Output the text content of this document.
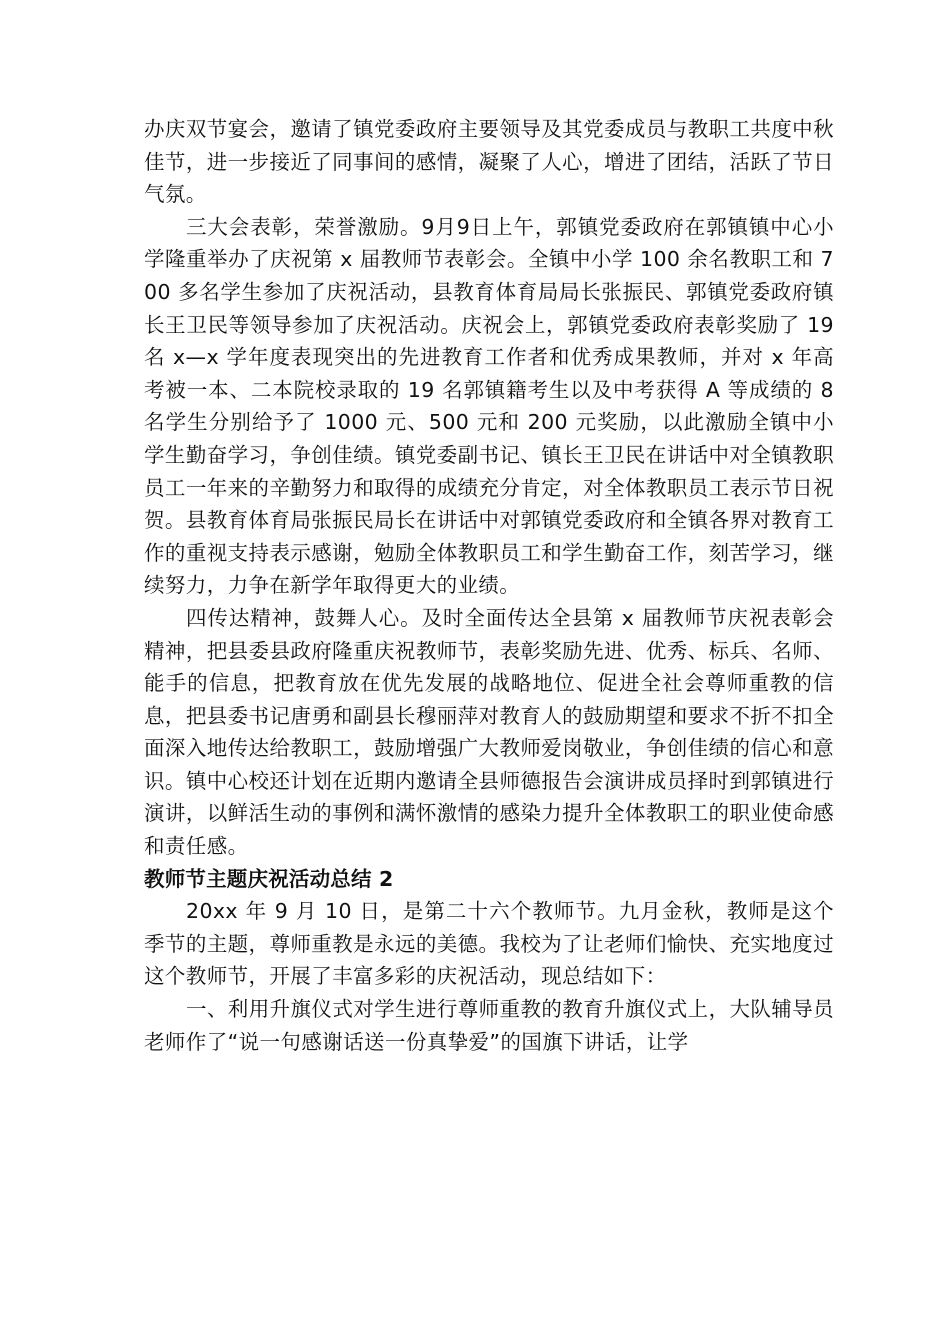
办庆双节宴会，邀请了镇党委政府主要领导及其党委成员与教职工共度中秋佳节，进一步接近了同事间的感情，凝聚了人心，增进了团结，活跃了节日气氛。

三大会表彰，荣誉激励。9月9日上午，郭镇党委政府在郭镇镇中心小学隆重举办了庆祝第 x 届教师节表彰会。全镇中小学 100 余名教职工和 700 多名学生参加了庆祝活动，县教育体育局局长张振民、郭镇党委政府镇长王卫民等领导参加了庆祝活动。庆祝会上，郭镇党委政府表彰奖励了 19 名 x—x 学年度表现突出的先进教育工作者和优秀成果教师，并对 x 年高考被一本、二本院校录取的 19 名郭镇籍考生以及中考获得 A 等成绩的 8 名学生分别给予了 1000 元、500 元和 200 元奖励，以此激励全镇中小学生勤奋学习，争创佳绩。镇党委副书记、镇长王卫民在讲话中对全镇教职员工一年来的辛勤努力和取得的成绩充分肯定，对全体教职员工表示节日祝贺。县教育体育局张振民局长在讲话中对郭镇党委政府和全镇各界对教育工作的重视支持表示感谢，勉励全体教职员工和学生勤奋工作，刻苦学习，继续努力，力争在新学年取得更大的业绩。

四传达精神，鼓舞人心。及时全面传达全县第 x 届教师节庆祝表彰会精神，把县委县政府隆重庆祝教师节，表彰奖励先进、优秀、标兵、名师、能手的信息，把教育放在优先发展的战略地位、促进全社会尊师重教的信息，把县委书记唐勇和副县长穆丽萍对教育人的鼓励期望和要求不折不扣全面深入地传达给教职工，鼓励增强广大教师爱岗敬业，争创佳绩的信心和意识。镇中心校还计划在近期内邀请全县师德报告会演讲成员择时到郭镇进行演讲，以鲜活生动的事例和满怀激情的感染力提升全体教职工的职业使命感和责任感。

教师节主题庆祝活动总结 2

20xx 年 9 月 10 日，是第二十六个教师节。九月金秋，教师是这个季节的主题，尊师重教是永远的美德。我校为了让老师们愉快、充实地度过这个教师节，开展了丰富多彩的庆祝活动，现总结如下：

一、利用升旗仪式对学生进行尊师重教的教育升旗仪式上，大队辅导员老师作了“说一句感谢话送一份真挚爱”的国旗下讲话，让学
